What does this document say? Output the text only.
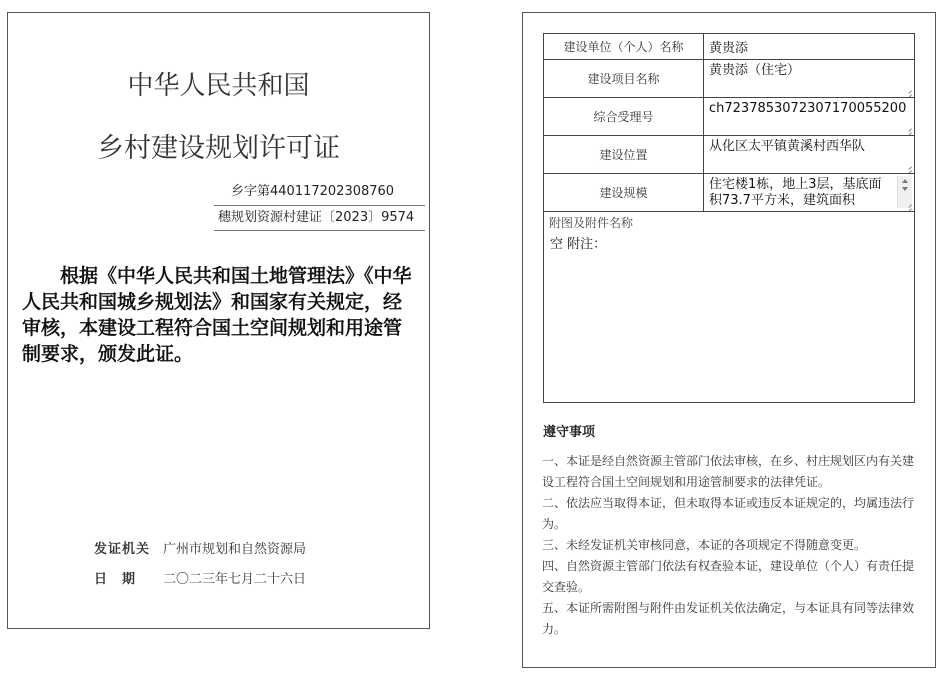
中华人民共和国
乡村建设规划许可证
乡字第440117202308760
穗规划资源村建证〔2023〕9574
根据《中华人民共和国土地管理法》《中华人民共和国城乡规划法》和国家有关规定，经审核，本建设工程符合国土空间规划和用途管制要求，颁发此证。
发证机关 广州市规划和自然资源局
日期 二〇二三年七月二十六日
建设单位（个人）名称	黄贵添

建设项目名称	黄贵添（住宅）

综合受理号	ch7237853072307170055200

建设位置	从化区太平镇黄溪村西华队

建设规模	住宅楼1栋，地上3层，基底面积73.7平方米，建筑面积
附图及附件名称
空 附注：
遵守事项

一、本证是经自然资源主管部门依法审核，在乡、村庄规划区内有关建设工程符合国土空间规划和用途管制要求的法律凭证。

二、依法应当取得本证，但未取得本证或违反本证规定的，均属违法行为。

三、未经发证机关审核同意，本证的各项规定不得随意变更。

四、自然资源主管部门依法有权查验本证，建设单位（个人）有责任提交查验。

五、本证所需附图与附件由发证机关依法确定，与本证具有同等法律效力。
